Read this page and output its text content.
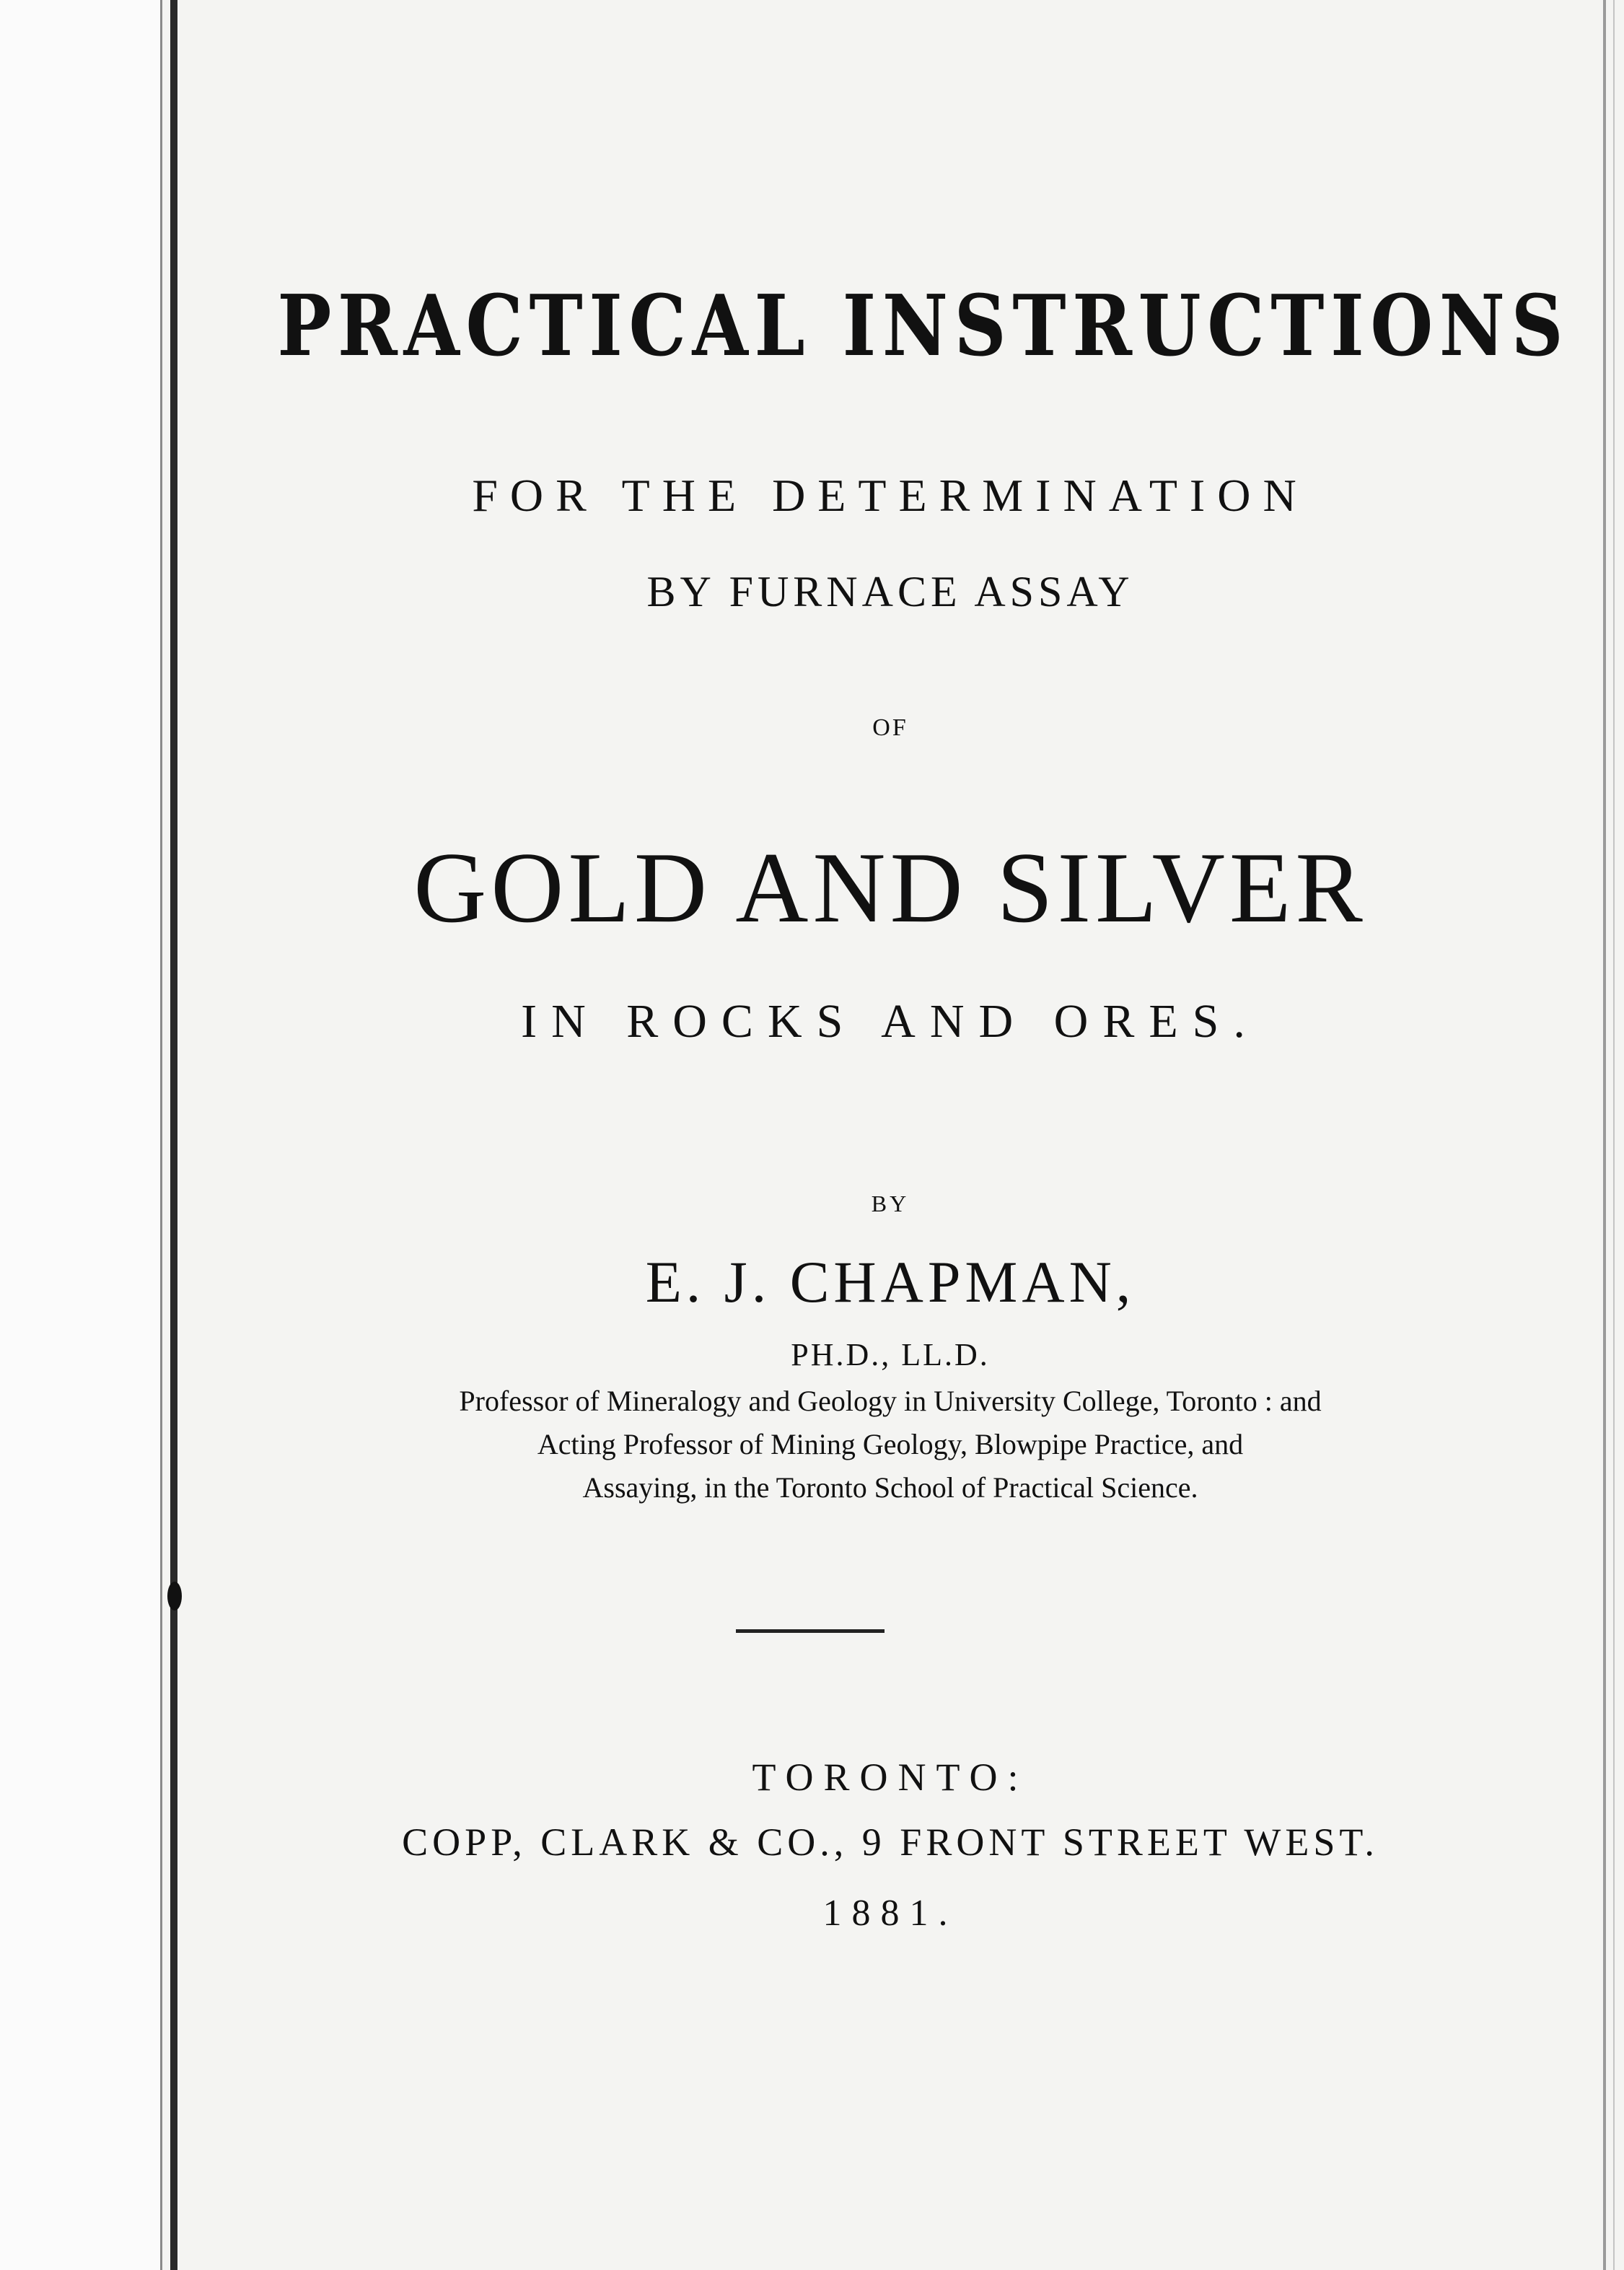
PRACTICAL INSTRUCTIONS
FOR THE DETERMINATION
BY FURNACE ASSAY
OF
GOLD AND SILVER
IN ROCKS AND ORES.
BY
E. J. CHAPMAN,
PH.D., LL.D.
Professor of Mineralogy and Geology in University College, Toronto : and
Acting Professor of Mining Geology, Blowpipe Practice, and
Assaying, in the Toronto School of Practical Science.
TORONTO:
COPP, CLARK & CO., 9 FRONT STREET WEST.
1881.
